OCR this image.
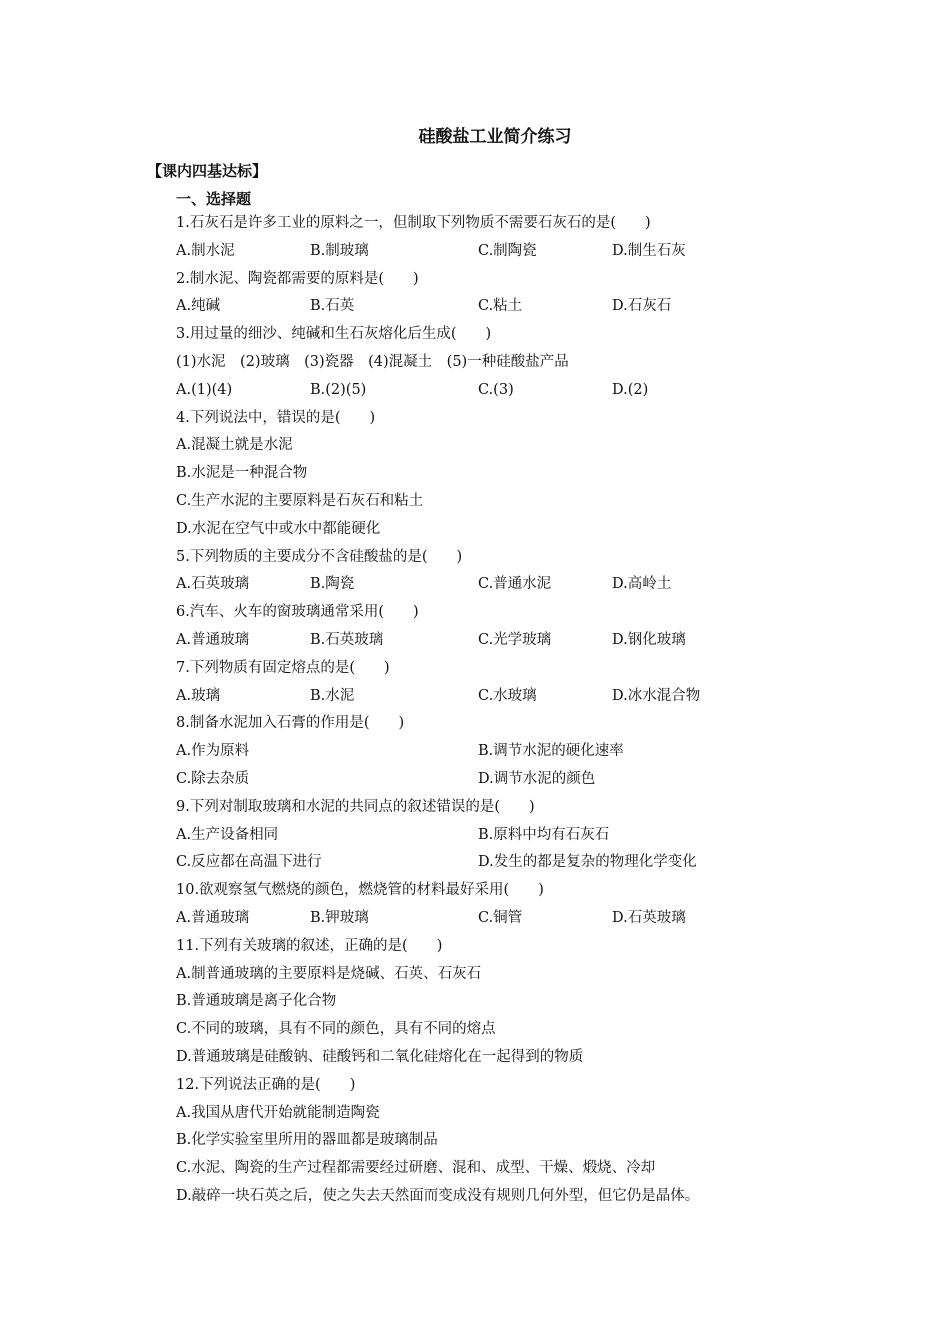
硅酸盐工业简介练习
【课内四基达标】
一、选择题
1.石灰石是许多工业的原料之一，但制取下列物质不需要石灰石的是(　　)
A.制水泥	B.制玻璃	C.制陶瓷	D.制生石灰
2.制水泥、陶瓷都需要的原料是(　　)
A.纯碱	B.石英	C.粘土	D.石灰石
3.用过量的细沙、纯碱和生石灰熔化后生成(　　)
(1)水泥　(2)玻璃　(3)瓷器　(4)混凝土　(5)一种硅酸盐产品
A.(1)(4)	B.(2)(5)	C.(3)	D.(2)
4.下列说法中，错误的是(　　)
A.混凝土就是水泥
B.水泥是一种混合物
C.生产水泥的主要原料是石灰石和粘土
D.水泥在空气中或水中都能硬化
5.下列物质的主要成分不含硅酸盐的是(　　)
A.石英玻璃	B.陶瓷	C.普通水泥	D.高岭土
6.汽车、火车的窗玻璃通常采用(　　)
A.普通玻璃	B.石英玻璃	C.光学玻璃	D.钢化玻璃
7.下列物质有固定熔点的是(　　)
A.玻璃	B.水泥	C.水玻璃	D.冰水混合物
8.制备水泥加入石膏的作用是(　　)
A.作为原料	B.调节水泥的硬化速率
C.除去杂质	D.调节水泥的颜色
9.下列对制取玻璃和水泥的共同点的叙述错误的是(　　)
A.生产设备相同	B.原料中均有石灰石
C.反应都在高温下进行	D.发生的都是复杂的物理化学变化
10.欲观察氢气燃烧的颜色，燃烧管的材料最好采用(　　)
A.普通玻璃	B.钾玻璃	C.铜管	D.石英玻璃
11.下列有关玻璃的叙述，正确的是(　　)
A.制普通玻璃的主要原料是烧碱、石英、石灰石
B.普通玻璃是离子化合物
C.不同的玻璃，具有不同的颜色，具有不同的熔点
D.普通玻璃是硅酸钠、硅酸钙和二氧化硅熔化在一起得到的物质
12.下列说法正确的是(　　)
A.我国从唐代开始就能制造陶瓷
B.化学实验室里所用的器皿都是玻璃制品
C.水泥、陶瓷的生产过程都需要经过研磨、混和、成型、干燥、煅烧、冷却
D.敲碎一块石英之后，使之失去天然面而变成没有规则几何外型，但它仍是晶体。
